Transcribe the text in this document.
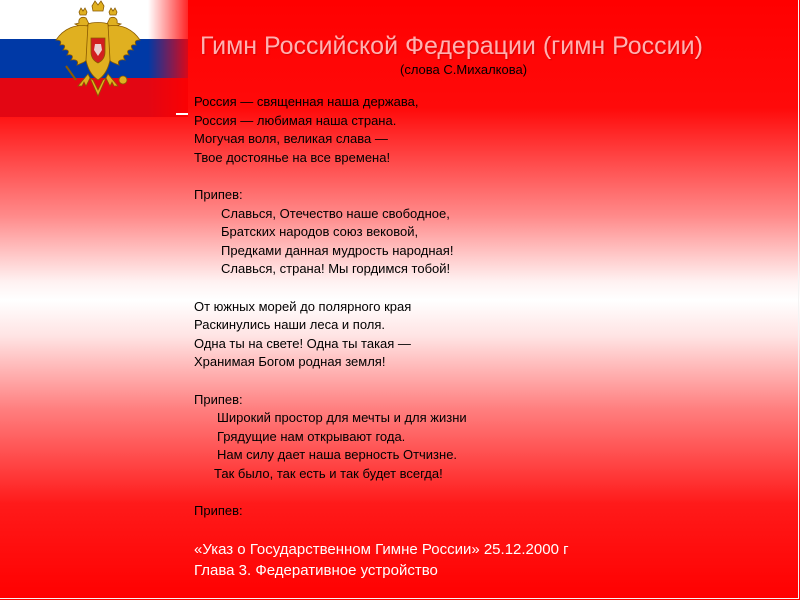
Гимн Российской Федерации (гимн России)
(слова С.Михалкова)
Россия — священная наша держава,
Россия — любимая наша страна.
Могучая воля, великая слава —
Твое достоянье на все времена!
Припев:
Славься, Отечество наше свободное,
Братских народов союз вековой,
Предками данная мудрость народная!
Славься, страна! Мы гордимся тобой!
От южных морей до полярного края
Раскинулись наши леса и поля.
Одна ты на свете! Одна ты такая —
Хранимая Богом родная земля!
Припев:
Широкий простор для мечты и для жизни
Грядущие нам открывают года.
Нам силу дает наша верность Отчизне.
Так было, так есть и так будет всегда!
Припев:
«Указ о Государственном Гимне России» 25.12.2000 г
Глава 3. Федеративное устройство
